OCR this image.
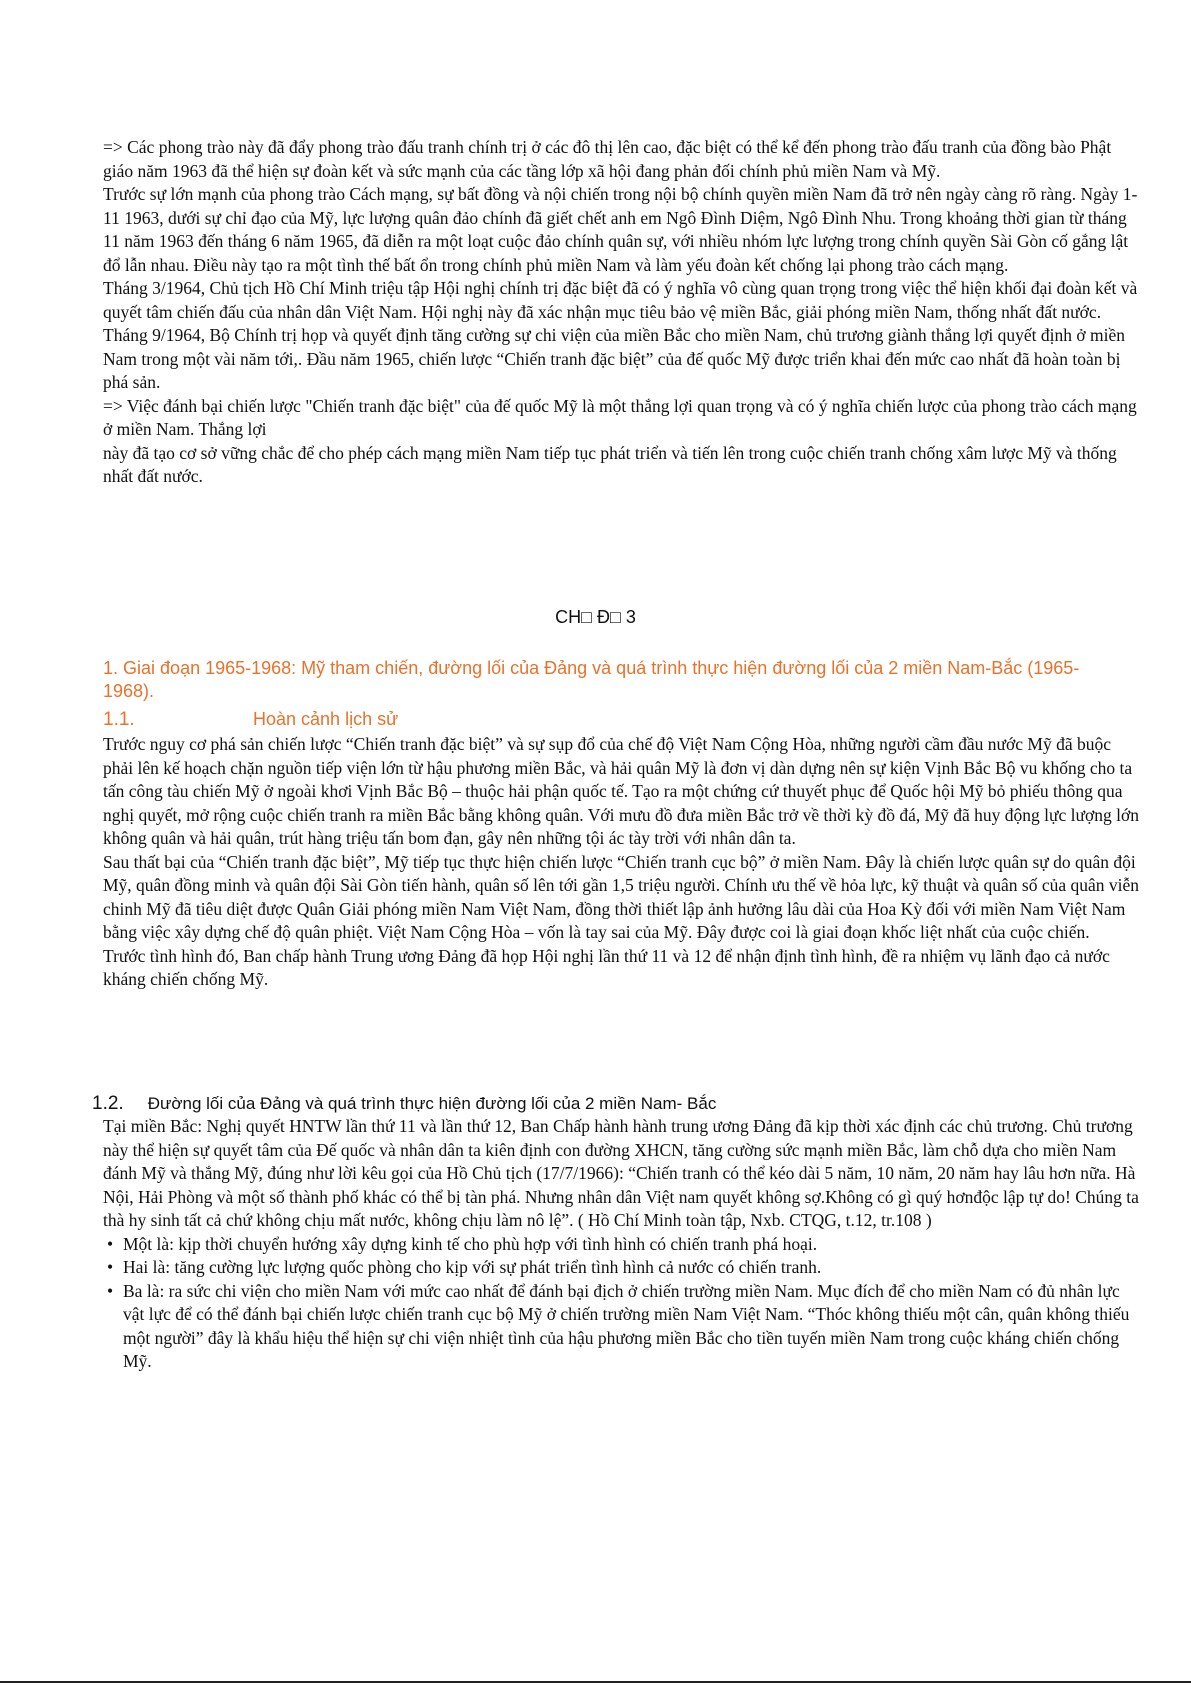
=> Các phong trào này đã đẩy phong trào đấu tranh chính trị ở các đô thị lên cao, đặc biệt có thể kể đến phong trào đấu tranh của đồng bào Phật giáo năm 1963 đã thể hiện sự đoàn kết và sức mạnh của các tầng lớp xã hội đang phản đối chính phủ miền Nam và Mỹ.

Trước sự lớn mạnh của phong trào Cách mạng, sự bất đồng và nội chiến trong nội bộ chính quyền miền Nam đã trở nên ngày càng rõ ràng. Ngày 1-11 1963, dưới sự chỉ đạo của Mỹ, lực lượng quân đảo chính đã giết chết anh em Ngô Đình Diệm, Ngô Đình Nhu. Trong khoảng thời gian từ tháng 11 năm 1963 đến tháng 6 năm 1965, đã diễn ra một loạt cuộc đảo chính quân sự, với nhiều nhóm lực lượng trong chính quyền Sài Gòn cố gắng lật đổ lẫn nhau. Điều này tạo ra một tình thế bất ổn trong chính phủ miền Nam và làm yếu đoàn kết chống lại phong trào cách mạng.

Tháng 3/1964, Chủ tịch Hồ Chí Minh triệu tập Hội nghị chính trị đặc biệt đã có ý nghĩa vô cùng quan trọng trong việc thể hiện khối đại đoàn kết và quyết tâm chiến đấu của nhân dân Việt Nam. Hội nghị này đã xác nhận mục tiêu bảo vệ miền Bắc, giải phóng miền Nam, thống nhất đất nước.

Tháng 9/1964, Bộ Chính trị họp và quyết định tăng cường sự chi viện của miền Bắc cho miền Nam, chủ trương giành thắng lợi quyết định ở miền Nam trong một vài năm tới,. Đầu năm 1965, chiến lược “Chiến tranh đặc biệt” của đế quốc Mỹ được triển khai đến mức cao nhất đã hoàn toàn bị phá sản.

=> Việc đánh bại chiến lược "Chiến tranh đặc biệt" của đế quốc Mỹ là một thắng lợi quan trọng và có ý nghĩa chiến lược của phong trào cách mạng ở miền Nam. Thắng lợi

này đã tạo cơ sở vững chắc để cho phép cách mạng miền Nam tiếp tục phát triển và tiến lên trong cuộc chiến tranh chống xâm lược Mỹ và thống nhất đất nước.

CH□ Đ□ 3
1. Giai đoạn 1965-1968: Mỹ tham chiến, đường lối của Đảng và quá trình thực hiện đường lối của 2 miền Nam-Bắc (1965-1968).
1.1.	Hoàn cảnh lịch sử

Trước nguy cơ phá sản chiến lược “Chiến tranh đặc biệt” và sự sụp đổ của chế độ Việt Nam Cộng Hòa, những người cầm đầu nước Mỹ đã buộc phải lên kế hoạch chặn nguồn tiếp viện lớn từ hậu phương miền Bắc, và hải quân Mỹ là đơn vị dàn dựng nên sự kiện Vịnh Bắc Bộ vu khống cho ta tấn công tàu chiến Mỹ ở ngoài khơi Vịnh Bắc Bộ – thuộc hải phận quốc tế. Tạo ra một chứng cứ thuyết phục để Quốc hội Mỹ bỏ phiếu thông qua nghị quyết, mở rộng cuộc chiến tranh ra miền Bắc bằng không quân. Với mưu đồ đưa miền Bắc trở về thời kỳ đồ đá, Mỹ đã huy động lực lượng lớn không quân và hải quân, trút hàng triệu tấn bom đạn, gây nên những tội ác tày trời với nhân dân ta.

Sau thất bại của “Chiến tranh đặc biệt”, Mỹ tiếp tục thực hiện chiến lược “Chiến tranh cục bộ” ở miền Nam. Đây là chiến lược quân sự do quân đội Mỹ, quân đồng minh và quân đội Sài Gòn tiến hành, quân số lên tới gần 1,5 triệu người. Chính ưu thế về hỏa lực, kỹ thuật và quân số của quân viễn chinh Mỹ đã tiêu diệt được Quân Giải phóng miền Nam Việt Nam, đồng thời thiết lập ảnh hưởng lâu dài của Hoa Kỳ đối với miền Nam Việt Nam bằng việc xây dựng chế độ quân phiệt. Việt Nam Cộng Hòa – vốn là tay sai của Mỹ. Đây được coi là giai đoạn khốc liệt nhất của cuộc chiến.

Trước tình hình đó, Ban chấp hành Trung ương Đảng đã họp Hội nghị lần thứ 11 và 12 để nhận định tình hình, đề ra nhiệm vụ lãnh đạo cả nước kháng chiến chống Mỹ.

1.2. Đường lối của Đảng và quá trình thực hiện đường lối của 2 miền Nam- Bắc

Tại miền Bắc: Nghị quyết HNTW lần thứ 11 và lần thứ 12, Ban Chấp hành hành trung ương Đảng đã kịp thời xác định các chủ trương. Chủ trương này thể hiện sự quyết tâm của Đế quốc và nhân dân ta kiên định con đường XHCN, tăng cường sức mạnh miền Bắc, làm chỗ dựa cho miền Nam đánh Mỹ và thắng Mỹ, đúng như lời kêu gọi của Hồ Chủ tịch (17/7/1966): “Chiến tranh có thể kéo dài 5 năm, 10 năm, 20 năm hay lâu hơn nữa. Hà Nội, Hải Phòng và một số thành phố khác có thể bị tàn phá. Nhưng nhân dân Việt nam quyết không sợ.Không có gì quý hơnđộc lập tự do! Chúng ta thà hy sinh tất cả chứ không chịu mất nước, không chịu làm nô lệ”. ( Hồ Chí Minh toàn tập, Nxb. CTQG, t.12, tr.108 )

• Một là: kịp thời chuyển hướng xây dựng kinh tế cho phù hợp với tình hình có chiến tranh phá hoại.
• Hai là: tăng cường lực lượng quốc phòng cho kịp với sự phát triển tình hình cả nước có chiến tranh.
• Ba là: ra sức chi viện cho miền Nam với mức cao nhất để đánh bại địch ở chiến trường miền Nam. Mục đích để cho miền Nam có đủ nhân lực vật lực để có thể đánh bại chiến lược chiến tranh cục bộ Mỹ ở chiến trường miền Nam Việt Nam. “Thóc không thiếu một cân, quân không thiếu một người” đây là khẩu hiệu thể hiện sự chi viện nhiệt tình của hậu phương miền Bắc cho tiền tuyến miền Nam trong cuộc kháng chiến chống Mỹ.
